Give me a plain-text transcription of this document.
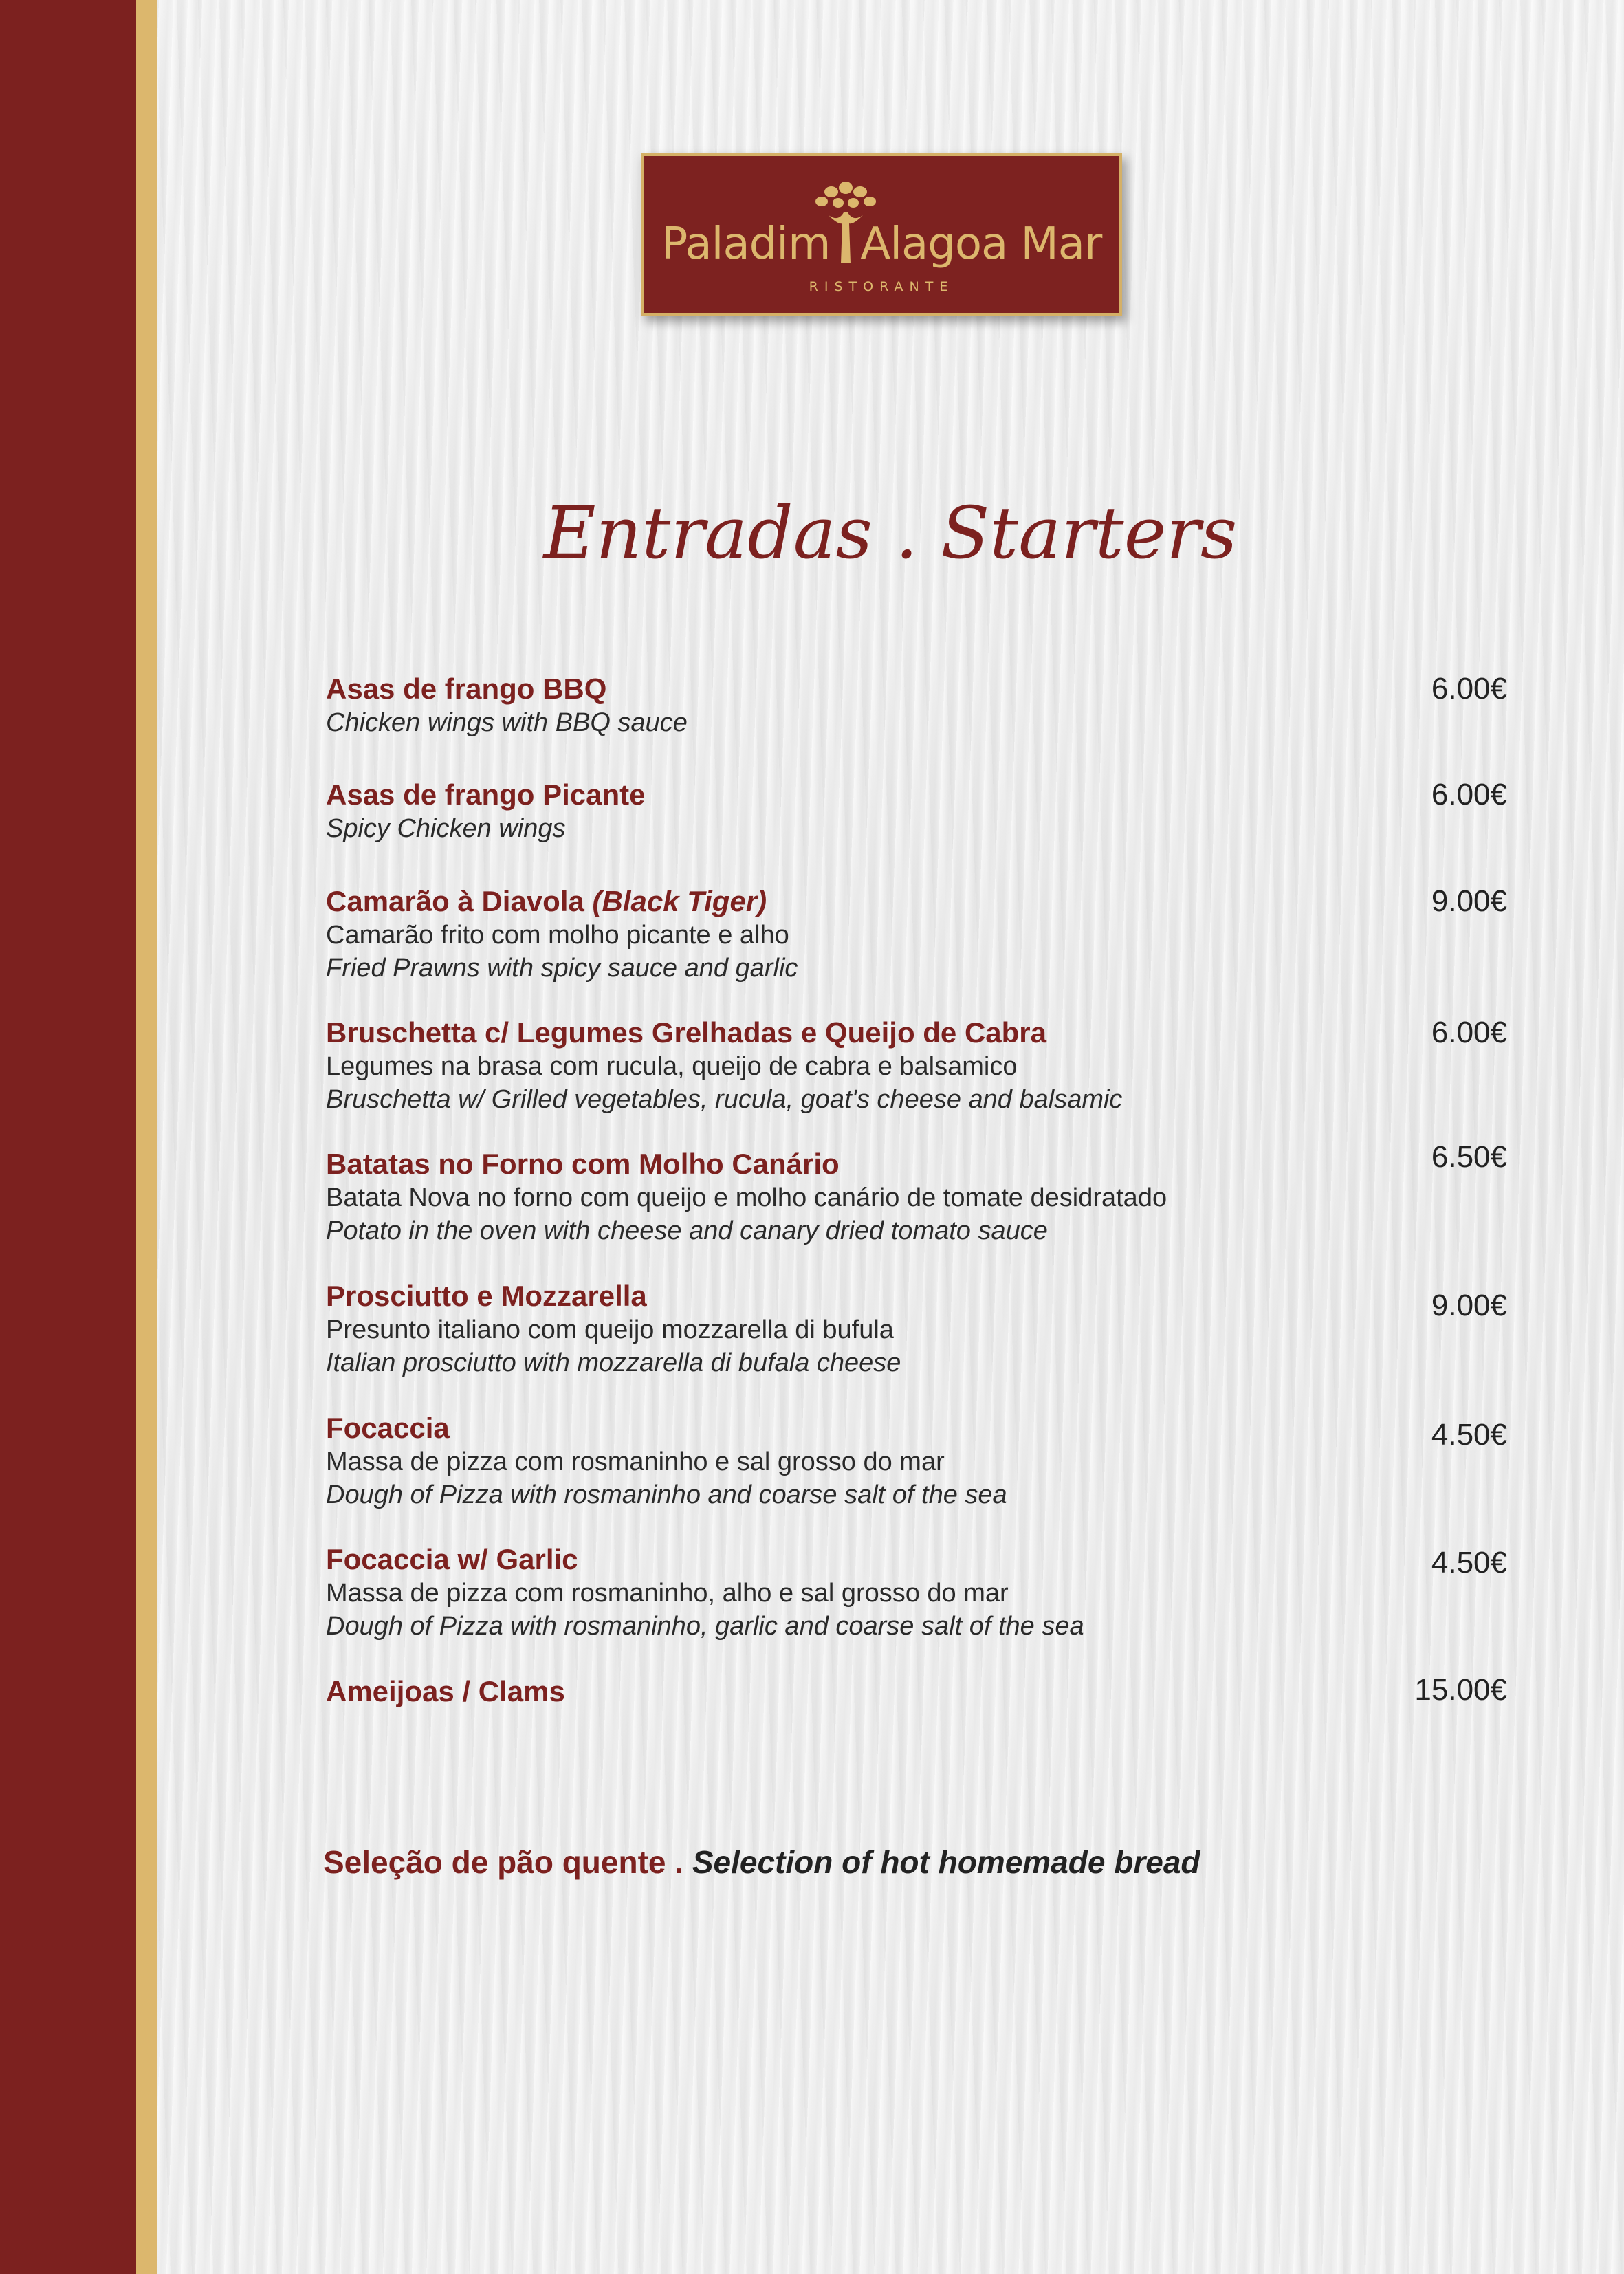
Paladim Alagoa Mar
RISTORANTE
Entradas . Starters
Asas de frango BBQ
Chicken wings with BBQ sauce
6.00€
Asas de frango Picante
Spicy Chicken wings
6.00€
Camarão à Diavola (Black Tiger)
Camarão frito com molho picante e alho
Fried Prawns with spicy sauce and garlic
9.00€
Bruschetta c/ Legumes Grelhadas e Queijo de Cabra
Legumes na brasa com rucula, queijo de cabra e balsamico
Bruschetta w/ Grilled vegetables, rucula, goat's cheese and balsamic
6.00€
Batatas no Forno com Molho Canário
Batata Nova no forno com queijo e molho canário de tomate desidratado
Potato in the oven with cheese and canary dried tomato sauce
6.50€
Prosciutto e Mozzarella
Presunto italiano com queijo mozzarella di bufula
Italian prosciutto with mozzarella di bufala cheese
9.00€
Focaccia
Massa de pizza com rosmaninho e sal grosso do mar
Dough of Pizza with rosmaninho and coarse salt of the sea
4.50€
Focaccia w/ Garlic
Massa de pizza com rosmaninho, alho e sal grosso do mar
Dough of Pizza with rosmaninho, garlic and coarse salt of the sea
4.50€
Ameijoas / Clams	15.00€
Seleção de pão quente . Selection of hot homemade bread
